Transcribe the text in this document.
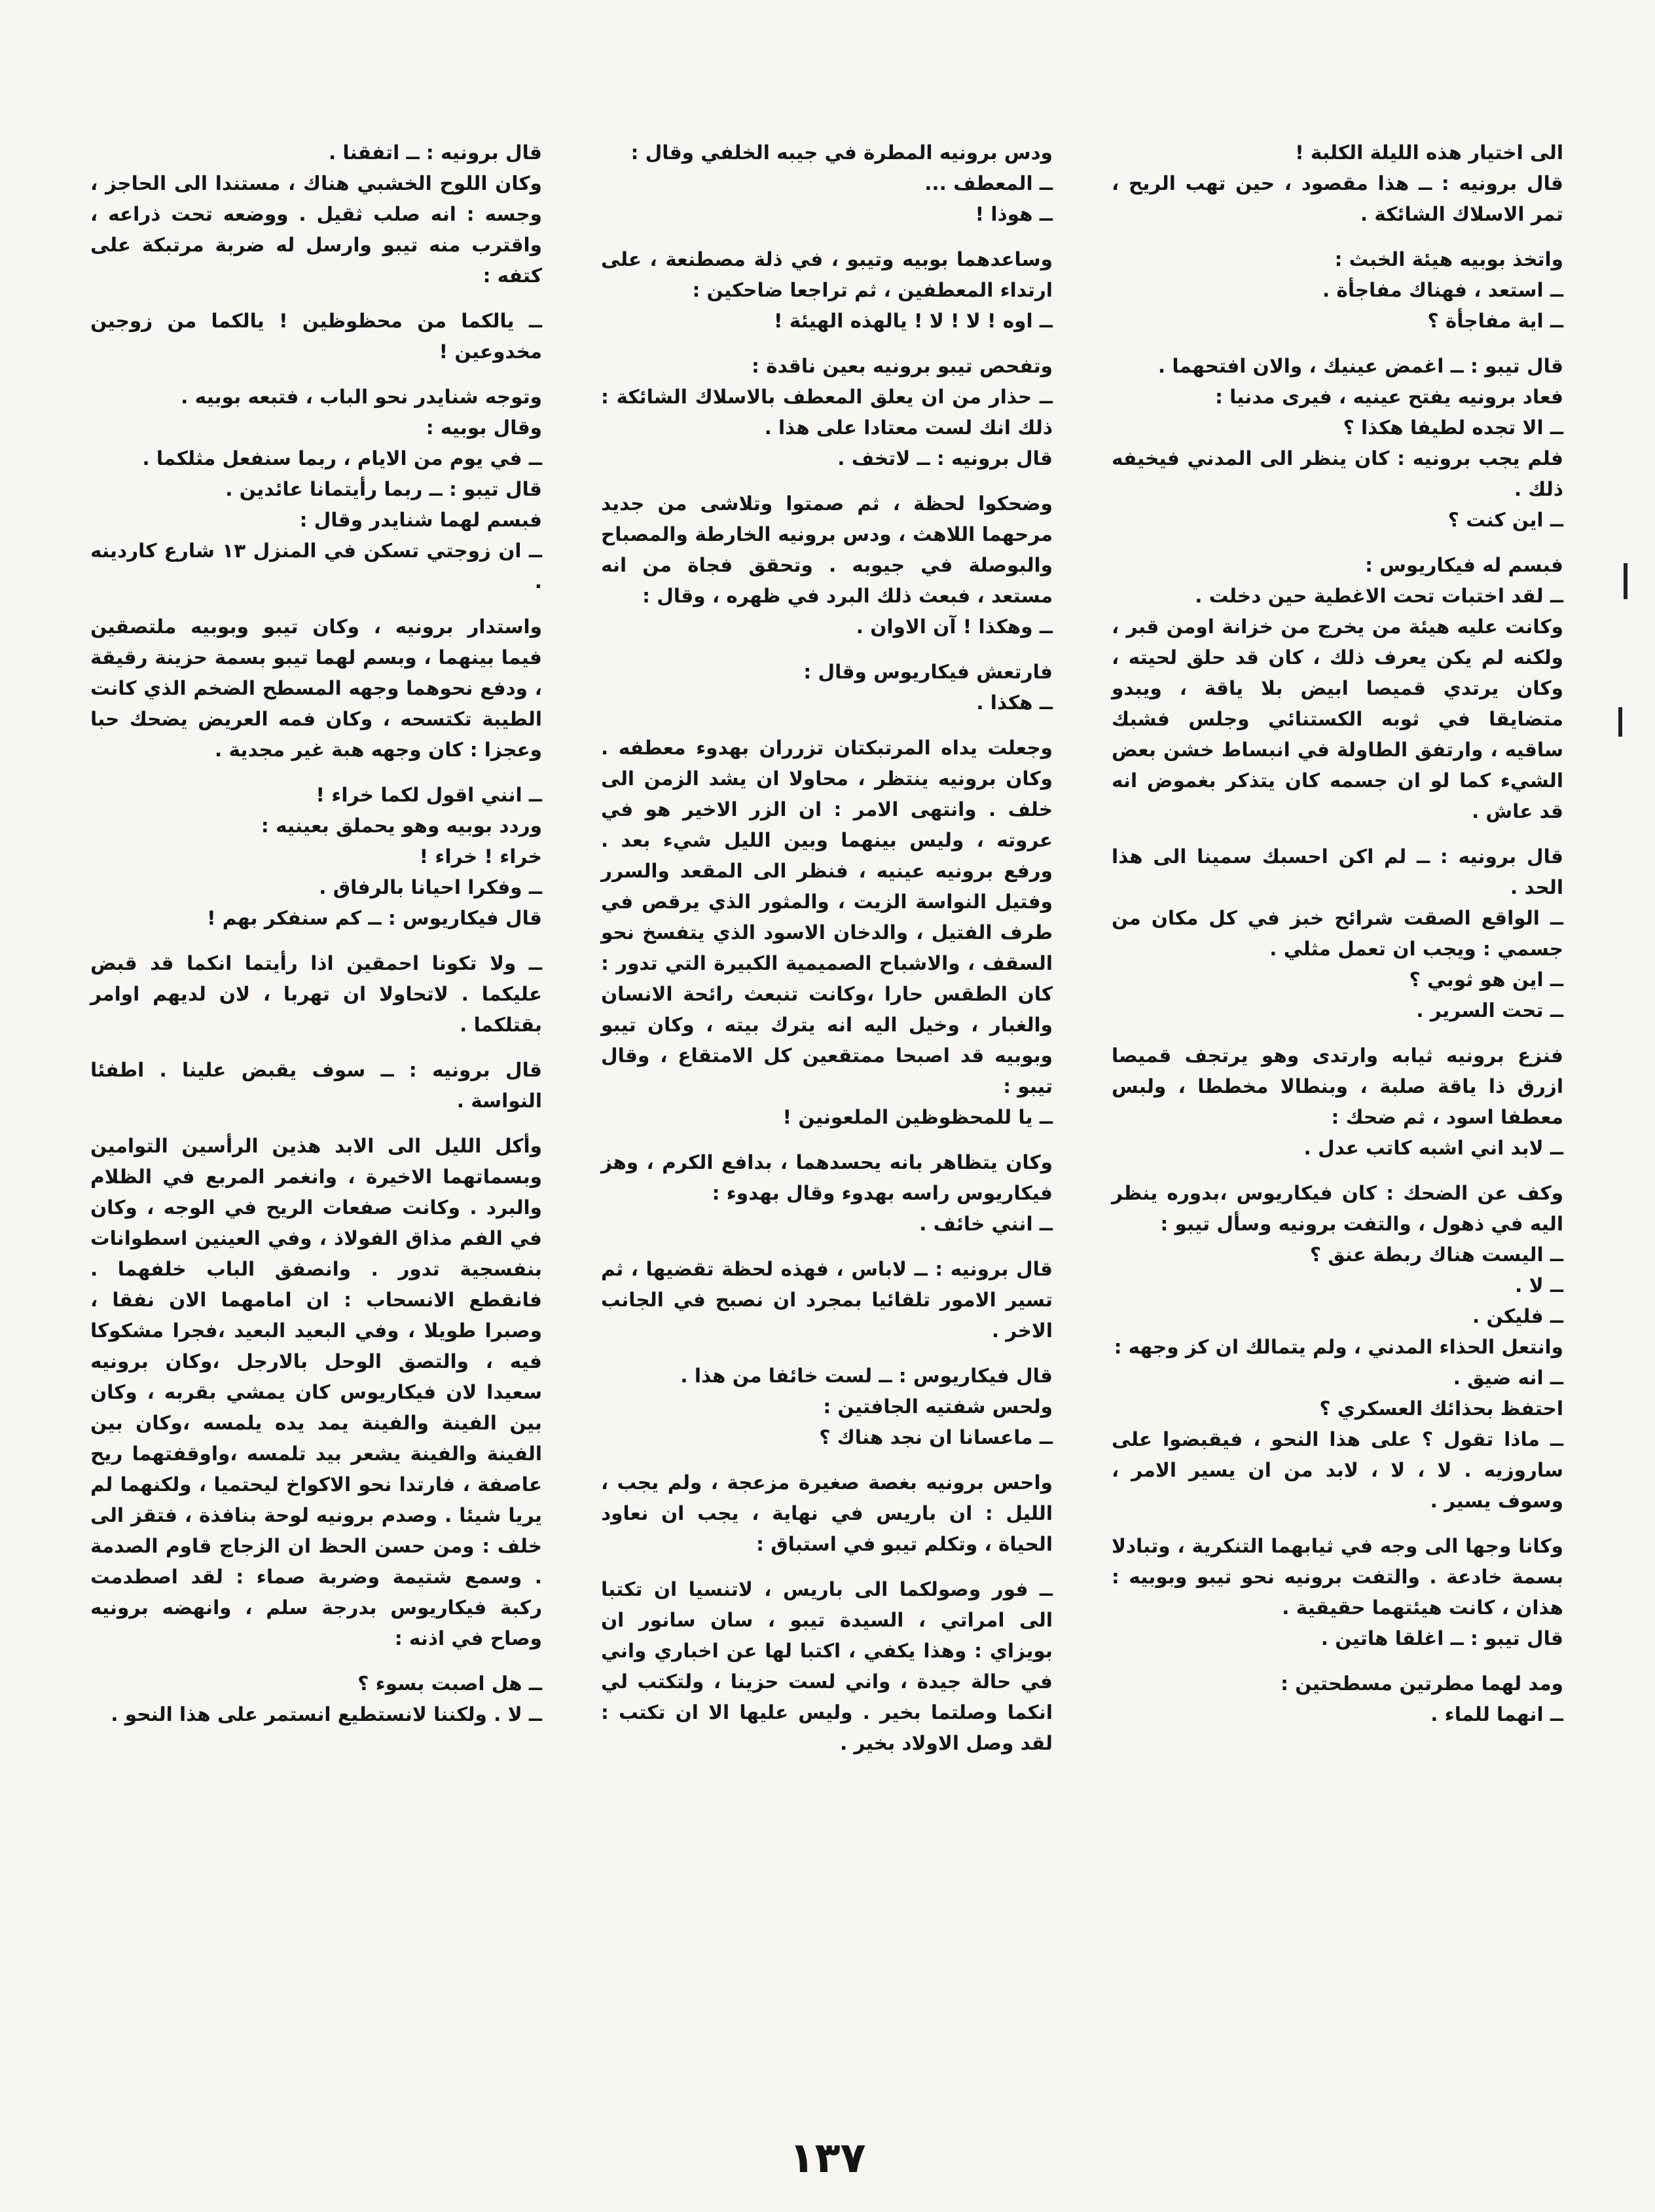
الى اختيار هذه الليلة الكلبة !
قال برونيه : ــ هذا مقصود ، حين تهب الريح ، تمر الاسلاك الشائكة .

واتخذ بوبيه هيئة الخبث :
ــ استعد ، فهناك مفاجأة .
ــ اية مفاجأة ؟

قال تيبو : ــ اغمض عينيك ، والان افتحهما .
فعاد برونيه يفتح عينيه ، فيرى مدنيا :
ــ الا تجده لطيفا هكذا ؟
فلم يجب برونيه : كان ينظر الى المدني فيخيفه ذلك .
ــ اين كنت ؟

فبسم له فيكاريوس :
ــ لقد اختبات تحت الاغطية حين دخلت .
وكانت عليه هيئة من يخرج من خزانة اومن قبر ، ولكنه لم يكن يعرف ذلك ، كان قد حلق لحيته ، وكان يرتدي قميصا ابيض بلا ياقة ، ويبدو متضايقا في ثوبه الكستنائي وجلس فشبك ساقيه ، وارتفق الطاولة في انبساط خشن بعض الشيء كما لو ان جسمه كان يتذكر بغموض انه قد عاش .

قال برونيه : ــ لم اكن احسبك سمينا الى هذا الحد .
ــ الواقع الصقت شرائح خبز في كل مكان من جسمي : ويجب ان تعمل مثلي .
ــ اين هو ثوبي ؟
ــ تحت السرير .

فنزع برونيه ثيابه وارتدى وهو يرتجف قميصا ازرق ذا ياقة صلبة ، وبنطالا مخططا ، ولبس معطفا اسود ، ثم ضحك :
ــ لابد اني اشبه كاتب عدل .

وكف عن الضحك : كان فيكاريوس ،بدوره ينظر اليه في ذهول ، والتفت برونيه وسأل تيبو :
ــ اليست هناك ربطة عنق ؟
ــ لا .
ــ فليكن .
وانتعل الحذاء المدني ، ولم يتمالك ان كز وجهه :
ــ انه ضيق .
احتفظ بحذائك العسكري ؟
ــ ماذا تقول ؟ على هذا النحو ، فيقبضوا على ساروزيه . لا ، لا ، لابد من ان يسير الامر ، وسوف يسير .

وكانا وجها الى وجه في ثيابهما التنكرية ، وتبادلا بسمة خادعة . والتفت برونيه نحو تيبو وبوبيه : هذان ، كانت هيئتهما حقيقية .
قال تيبو : ــ اغلقا هاتين .

ومد لهما مطرتين مسطحتين :
ــ انهما للماء .

ودس برونيه المطرة في جيبه الخلفي وقال :
ــ المعطف ...
ــ هوذا !

وساعدهما بوبيه وتيبو ، في ذلة مصطنعة ، على ارتداء المعطفين ، ثم تراجعا ضاحكين :
ــ اوه ! لا ! لا ! يالهذه الهيئة !

وتفحص تيبو برونيه بعين ناقدة :
ــ حذار من ان يعلق المعطف بالاسلاك الشائكة : ذلك انك لست معتادا على هذا .
قال برونيه : ــ لاتخف .

وضحكوا لحظة ، ثم صمتوا وتلاشى من جديد مرحهما اللاهث ، ودس برونيه الخارطة والمصباح والبوصلة في جيوبه . وتحقق فجاة من انه مستعد ، فبعث ذلك البرد في ظهره ، وقال :
ــ وهكذا ! آن الاوان .

فارتعش فيكاريوس وقال :
ــ هكذا .

وجعلت يداه المرتبكتان تزرران بهدوء معطفه . وكان برونيه ينتظر ، محاولا ان يشد الزمن الى خلف . وانتهى الامر : ان الزر الاخير هو في عروته ، وليس بينهما وبين الليل شيء بعد . ورفع برونيه عينيه ، فنظر الى المقعد والسرر وفتيل النواسة الزيت ، والمثور الذي يرقص في طرف الفتيل ، والدخان الاسود الذي يتفسخ نحو السقف ، والاشباح الصميمية الكبيرة التي تدور : كان الطقس حارا ،وكانت تنبعث رائحة الانسان والغبار ، وخيل اليه انه يترك بيته ، وكان تيبو وبوبيه قد اصبحا ممتقعين كل الامتقاع ، وقال تيبو :
ــ يا للمحظوظين الملعونين !

وكان يتظاهر بانه يحسدهما ، بدافع الكرم ، وهز فيكاريوس راسه بهدوء وقال بهدوء :
ــ انني خائف .

قال برونيه : ــ لاباس ، فهذه لحظة تقضيها ، ثم تسير الامور تلقائيا بمجرد ان نصبح في الجانب الاخر .

قال فيكاريوس : ــ لست خائفا من هذا .
ولحس شفتيه الجافتين :
ــ ماعسانا ان نجد هناك ؟

واحس برونيه بغصة صغيرة مزعجة ، ولم يجب ، الليل : ان باريس في نهاية ، يجب ان نعاود الحياة ، وتكلم تيبو في استباق :

ــ فور وصولكما الى باريس ، لاتنسيا ان تكتبا الى امراتي ، السيدة تيبو ، سان سانور ان بويزاي : وهذا يكفي ، اكتبا لها عن اخباري واني في حالة جيدة ، واني لست حزينا ، ولتكتب لي انكما وصلتما بخير . وليس عليها الا ان تكتب : لقد وصل الاولاد بخير .

قال برونيه : ــ اتفقنا .
وكان اللوح الخشبي هناك ، مستندا الى الحاجز ، وجسه : انه صلب ثقيل . ووضعه تحت ذراعه ، واقترب منه تيبو وارسل له ضربة مرتبكة على كتفه :

ــ يالكما من محظوظين ! يالكما من زوجين مخدوعين !

وتوجه شنايدر نحو الباب ، فتبعه بوبيه .
وقال بوبيه :
ــ في يوم من الايام ، ربما سنفعل مثلكما .
قال تيبو : ــ ربما رأيتمانا عائدين .
فبسم لهما شنايدر وقال :
ــ ان زوجتي تسكن في المنزل ١٣ شارع كاردينه .

واستدار برونيه ، وكان تيبو وبوبيه ملتصقين فيما بينهما ، وبسم لهما تيبو بسمة حزينة رقيقة ، ودفع نحوهما وجهه المسطح الضخم الذي كانت الطيبة تكتسحه ، وكان فمه العريض يضحك حبا وعجزا : كان وجهه هبة غير مجدية .

ــ انني اقول لكما خراء !
وردد بوبيه وهو يحملق بعينيه :
خراء ! خراء !
ــ وفكرا احيانا بالرفاق .
قال فيكاريوس : ــ كم سنفكر بهم !

ــ ولا تكونا احمقين اذا رأيتما انكما قد قبض عليكما . لاتحاولا ان تهربا ، لان لديهم اوامر بقتلكما .

قال برونيه : ــ سوف يقبض علينا . اطفئا النواسة .

وأكل الليل الى الابد هذين الرأسين التوامين وبسماتهما الاخيرة ، وانغمر المربع في الظلام والبرد . وكانت صفعات الريح في الوجه ، وكان في الفم مذاق الفولاذ ، وفي العينين اسطوانات بنفسجية تدور . وانصفق الباب خلفهما . فانقطع الانسحاب : ان امامهما الان نفقا ، وصبرا طويلا ، وفي البعيد البعيد ،فجرا مشكوكا فيه ، والتصق الوحل بالارجل ،وكان برونيه سعيدا لان فيكاريوس كان يمشي بقربه ، وكان بين الفينة والفينة يمد يده يلمسه ،وكان بين الفينة والفينة يشعر بيد تلمسه ،واوقفتهما ريح عاصفة ، فارتدا نحو الاكواخ ليحتميا ، ولكنهما لم يريا شيئا . وصدم برونيه لوحة بنافذة ، فتقز الى خلف : ومن حسن الحظ ان الزجاج قاوم الصدمة . وسمع شتيمة وضربة صماء : لقد اصطدمت ركبة فيكاريوس بدرجة سلم ، وانهضه برونيه وصاح في اذنه :

ــ هل اصبت بسوء ؟
ــ لا . ولكننا لانستطيع انستمر على هذا النحو .

١٣٧
